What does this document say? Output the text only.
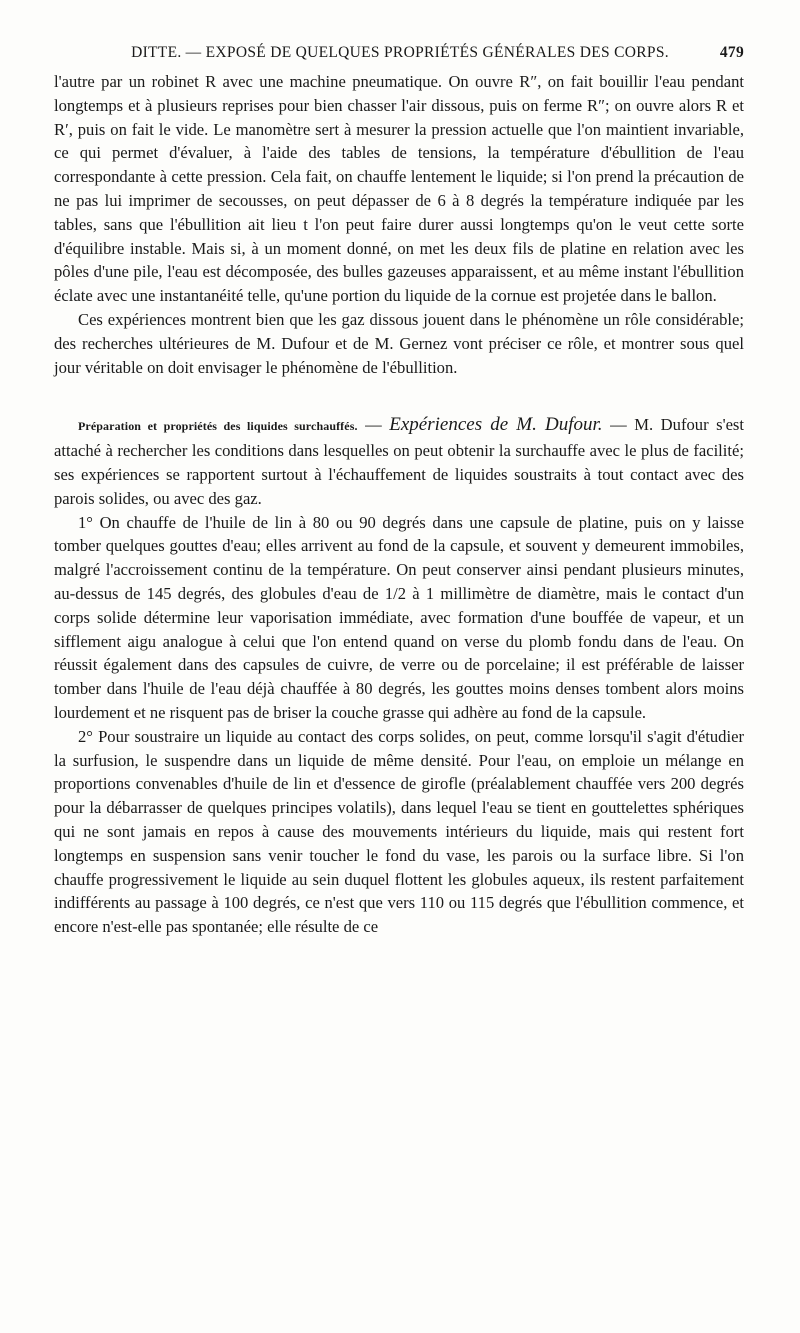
DITTE. — EXPOSÉ DE QUELQUES PROPRIÉTÉS GÉNÉRALES DES CORPS.	479

l'autre par un robinet R avec une machine pneumatique. On ouvre R″, on fait bouillir l'eau pendant longtemps et à plusieurs reprises pour bien chasser l'air dissous, puis on ferme R″; on ouvre alors R et R′, puis on fait le vide. Le manomètre sert à mesurer la pression actuelle que l'on maintient invariable, ce qui permet d'évaluer, à l'aide des tables de tensions, la température d'ébullition de l'eau correspondante à cette pression. Cela fait, on chauffe lentement le liquide; si l'on prend la précaution de ne pas lui imprimer de secousses, on peut dépasser de 6 à 8 degrés la température indiquée par les tables, sans que l'ébullition ait lieu t l'on peut faire durer aussi longtemps qu'on le veut cette sorte d'équilibre instable. Mais si, à un moment donné, on met les deux fils de platine en relation avec les pôles d'une pile, l'eau est décomposée, des bulles gazeuses apparaissent, et au même instant l'ébullition éclate avec une instantanéité telle, qu'une portion du liquide de la cornue est projetée dans le ballon.

Ces expériences montrent bien que les gaz dissous jouent dans le phénomène un rôle considérable; des recherches ultérieures de M. Dufour et de M. Gernez vont préciser ce rôle, et montrer sous quel jour véritable on doit envisager le phénomène de l'ébullition.

Préparation et propriétés des liquides surchauffés. — Expériences de M. Dufour. — M. Dufour s'est attaché à rechercher les conditions dans lesquelles on peut obtenir la surchauffe avec le plus de facilité; ses expériences se rapportent surtout à l'échauffement de liquides soustraits à tout contact avec des parois solides, ou avec des gaz.

1° On chauffe de l'huile de lin à 80 ou 90 degrés dans une capsule de platine, puis on y laisse tomber quelques gouttes d'eau; elles arrivent au fond de la capsule, et souvent y demeurent immobiles, malgré l'accroissement continu de la température. On peut conserver ainsi pendant plusieurs minutes, au-dessus de 145 degrés, des globules d'eau de 1/2 à 1 millimètre de diamètre, mais le contact d'un corps solide détermine leur vaporisation immédiate, avec formation d'une bouffée de vapeur, et un sifflement aigu analogue à celui que l'on entend quand on verse du plomb fondu dans de l'eau. On réussit également dans des capsules de cuivre, de verre ou de porcelaine; il est préférable de laisser tomber dans l'huile de l'eau déjà chauffée à 80 degrés, les gouttes moins denses tombent alors moins lourdement et ne risquent pas de briser la couche grasse qui adhère au fond de la capsule.

2° Pour soustraire un liquide au contact des corps solides, on peut, comme lorsqu'il s'agit d'étudier la surfusion, le suspendre dans un liquide de même densité. Pour l'eau, on emploie un mélange en proportions convenables d'huile de lin et d'essence de girofle (préalablement chauffée vers 200 degrés pour la débarrasser de quelques principes volatils), dans lequel l'eau se tient en gouttelettes sphériques qui ne sont jamais en repos à cause des mouvements intérieurs du liquide, mais qui restent fort longtemps en suspension sans venir toucher le fond du vase, les parois ou la surface libre. Si l'on chauffe progressivement le liquide au sein duquel flottent les globules aqueux, ils restent parfaitement indifférents au passage à 100 degrés, ce n'est que vers 110 ou 115 degrés que l'ébullition commence, et encore n'est-elle pas spontanée; elle résulte de ce
